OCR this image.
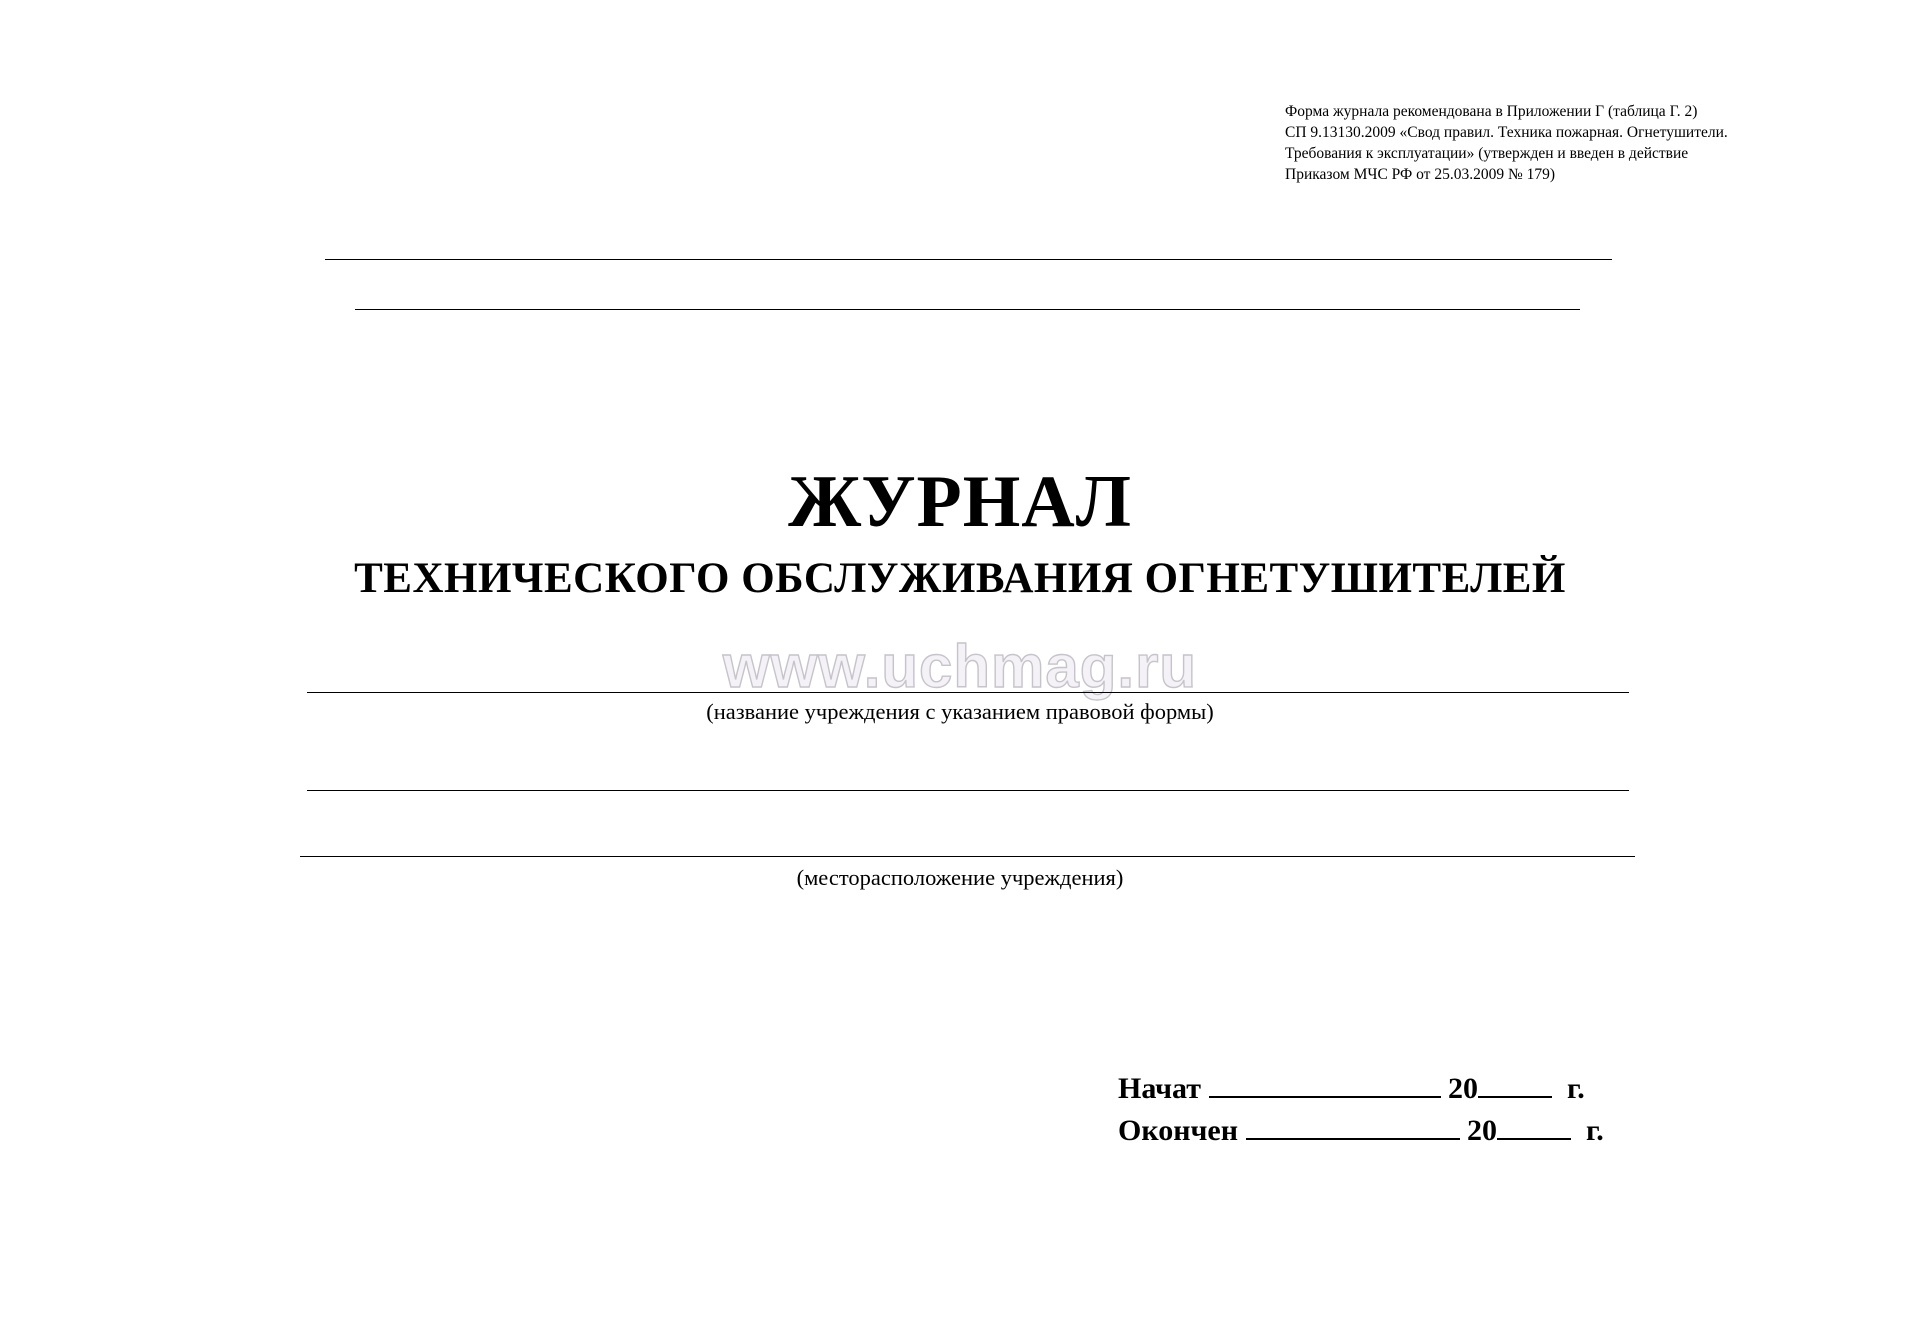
Форма журнала рекомендована в Приложении Г (таблица Г. 2)
СП 9.13130.2009 «Свод правил. Техника пожарная. Огнетушители.
Требования к эксплуатации» (утвержден и введен в действие
Приказом МЧС РФ от 25.03.2009 № 179)
ЖУРНАЛ
ТЕХНИЧЕСКОГО ОБСЛУЖИВАНИЯ ОГНЕТУШИТЕЛЕЙ
www.uchmag.ru
(название учреждения с указанием правовой формы)
(месторасположение учреждения)
Начат	20	г.
Окончен	20	г.
